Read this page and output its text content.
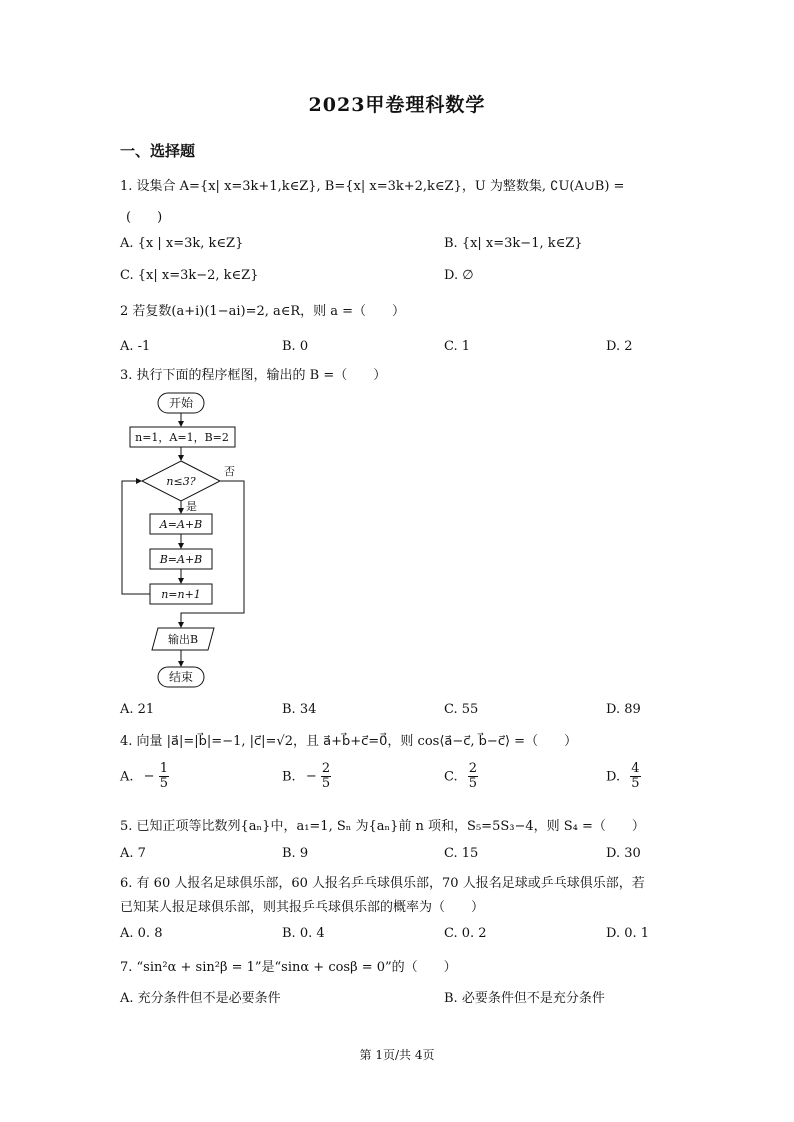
2023甲卷理科数学
一、选择题
1. 设集合 A={x| x=3k+1,k∈Z}, B={x| x=3k+2,k∈Z}，U 为整数集, ∁U(A∪B) =
(　　)
A. {x | x=3k, k∈Z}	B. {x| x=3k−1, k∈Z}
C. {x| x=3k−2, k∈Z}	D. ∅
2 若复数(a+i)(1−ai)=2, a∈R，则 a =（　　）
A. -1	B. 0	C. 1	D. 2
3. 执行下面的程序框图，输出的 B =（　　）
开始
n=1，A=1，B=2
n≤3?
否
是
A=A+B
B=A+B
n=n+1
输出B
结束
A. 21	B. 34	C. 55	D. 89
4. 向量 |a⃗|=|b⃗|=−1, |c⃗|=√2，且 a⃗+b⃗+c⃗=0⃗，则 cos⟨a⃗−c⃗, b⃗−c⃗⟩ =（　　）
A. − $\frac{1}{5}$	B. − $\frac{2}{5}$	C. $\frac{2}{5}$	D. $\frac{4}{5}$
5. 已知正项等比数列{aₙ}中，a₁=1, Sₙ 为{aₙ}前 n 项和，S₅=5S₃−4，则 S₄ =（　　）
A. 7	B. 9	C. 15	D. 30
6. 有 60 人报名足球俱乐部，60 人报名乒乓球俱乐部，70 人报名足球或乒乓球俱乐部，若
已知某人报足球俱乐部，则其报乒乓球俱乐部的概率为（　　）
A. 0. 8	B. 0. 4	C. 0. 2	D. 0. 1
7. “sin²α + sin²β = 1”是“sinα + cosβ = 0”的（　　）
A. 充分条件但不是必要条件	B. 必要条件但不是充分条件
第 1页/共 4页
